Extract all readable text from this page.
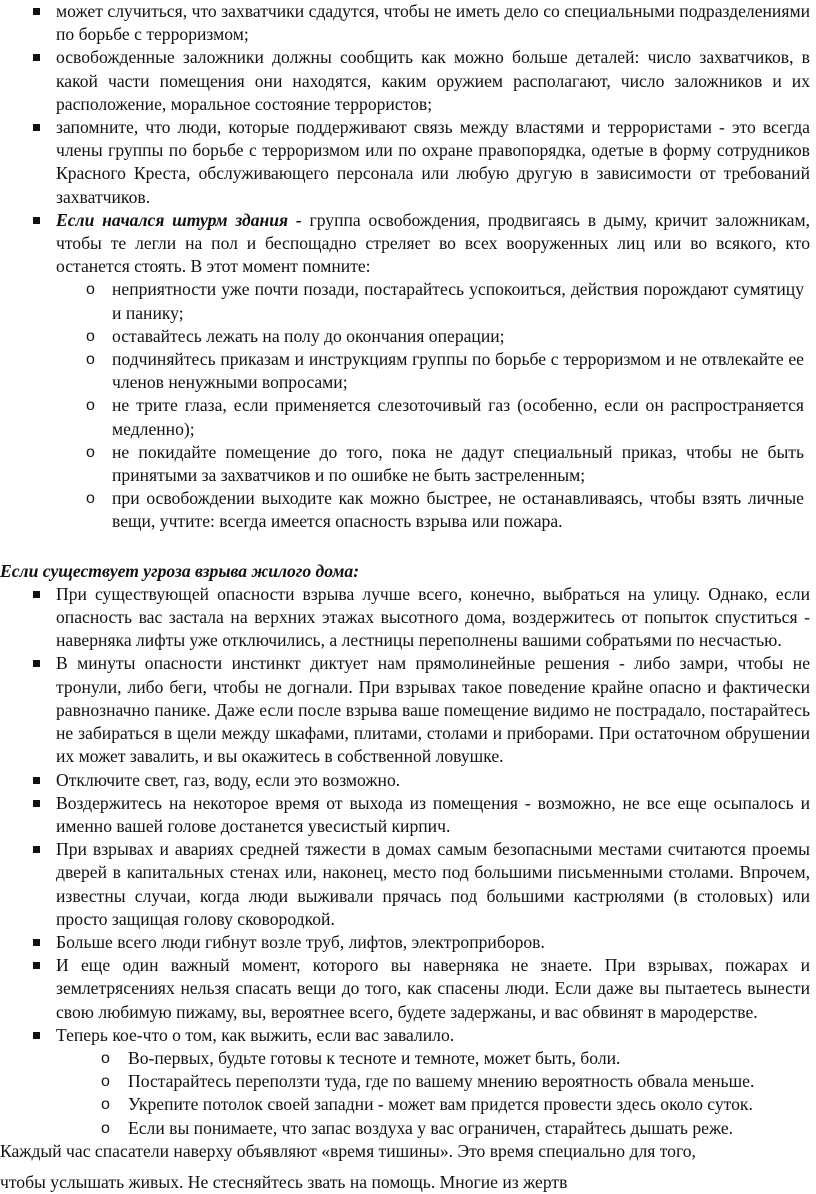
может случиться, что захватчики сдадутся, чтобы не иметь дело со специальными подразделениями по борьбе с терроризмом;
освобожденные заложники должны сообщить как можно больше деталей: число захватчиков, в какой части помещения они находятся, каким оружием располагают, число заложников и их расположение, моральное состояние террористов;
запомните, что люди, которые поддерживают связь между властями и террористами - это всегда члены группы по борьбе с терроризмом или по охране правопорядка, одетые в форму сотрудников Красного Креста, обслуживающего персонала или любую другую в зависимости от требований захватчиков.
Если начался штурм здания - группа освобождения, продвигаясь в дыму, кричит заложникам, чтобы те легли на пол и беспощадно стреляет во всех вооруженных лиц или во всякого, кто останется стоять. В этот момент помните:
o неприятности уже почти позади, постарайтесь успокоиться, действия порождают сумятицу и панику;
o оставайтесь лежать на полу до окончания операции;
o подчиняйтесь приказам и инструкциям группы по борьбе с терроризмом и не отвлекайте ее членов ненужными вопросами;
o не трите глаза, если применяется слезоточивый газ (особенно, если он распространяется медленно);
o не покидайте помещение до того, пока не дадут специальный приказ, чтобы не быть принятыми за захватчиков и по ошибке не быть застреленным;
o при освобождении выходите как можно быстрее, не останавливаясь, чтобы взять личные вещи, учтите: всегда имеется опасность взрыва или пожара.

Если существует угроза взрыва жилого дома:

При существующей опасности взрыва лучше всего, конечно, выбраться на улицу. Однако, если опасность вас застала на верхних этажах высотного дома, воздержитесь от попыток спуститься - наверняка лифты уже отключились, а лестницы переполнены вашими собратьями по несчастью.
В минуты опасности инстинкт диктует нам прямолинейные решения - либо замри, чтобы не тронули, либо беги, чтобы не догнали. При взрывах такое поведение крайне опасно и фактически равнозначно панике. Даже если после взрыва ваше помещение видимо не пострадало, постарайтесь не забираться в щели между шкафами, плитами, столами и приборами. При остаточном обрушении их может завалить, и вы окажитесь в собственной ловушке.
Отключите свет, газ, воду, если это возможно.
Воздержитесь на некоторое время от выхода из помещения - возможно, не все еще осыпалось и именно вашей голове достанется увесистый кирпич.
При взрывах и авариях средней тяжести в домах самым безопасными местами считаются проемы дверей в капитальных стенах или, наконец, место под большими письменными столами. Впрочем, известны случаи, когда люди выживали прячась под большими кастрюлями (в столовых) или просто защищая голову сковородкой.
Больше всего люди гибнут возле труб, лифтов, электроприборов.
И еще один важный момент, которого вы наверняка не знаете. При взрывах, пожарах и землетрясениях нельзя спасать вещи до того, как спасены люди. Если даже вы пытаетесь вынести свою любимую пижаму, вы, вероятнее всего, будете задержаны, и вас обвинят в мародерстве.
Теперь кое-что о том, как выжить, если вас завалило.
o Во-первых, будьте готовы к тесноте и темноте, может быть, боли.
o Постарайтесь переползти туда, где по вашему мнению вероятность обвала меньше.
o Укрепите потолок своей западни - может вам придется провести здесь около суток.
o Если вы понимаете, что запас воздуха у вас ограничен, старайтесь дышать реже.

Каждый час спасатели наверху объявляют «время тишины». Это время специально для того,

чтобы услышать живых. Не стесняйтесь звать на помощь. Многие из жертв
